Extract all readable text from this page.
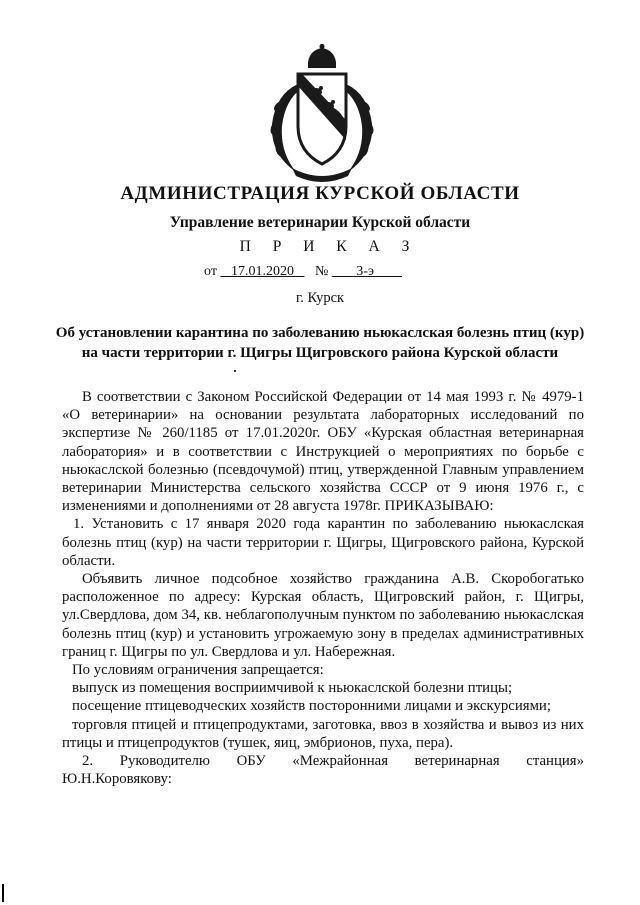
АДМИНИСТРАЦИЯ КУРСКОЙ ОБЛАСТИ
Управление ветеринарии Курской области
П Р И К А З
от 17.01.2020 № 3-э
г. Курск
Об установлении карантина по заболеванию ньюкаслская болезнь птиц (кур)
на части территории г. Щигры Щигровского района Курской области

В соответствии с Законом Российской Федерации от 14 мая 1993 г. № 4979-1 «О ветеринарии» на основании результата лабораторных исследований по экспертизе № 260/1185 от 17.01.2020г. ОБУ «Курская областная ветеринарная лаборатория» и в соответствии с Инструкцией о мероприятиях по борьбе с ньюкаслской болезнью (псевдочумой) птиц, утвержденной Главным управлением ветеринарии Министерства сельского хозяйства СССР от 9 июня 1976 г., с изменениями и дополнениями от 28 августа 1978г. ПРИКАЗЫВАЮ:

1. Установить с 17 января 2020 года карантин по заболеванию ньюкаслская болезнь птиц (кур) на части территории г. Щигры, Щигровского района, Курской области.

Объявить личное подсобное хозяйство гражданина А.В. Скоробогатько расположенное по адресу: Курская область, Щигровский район, г. Щигры, ул.Свердлова, дом 34, кв. неблагополучным пунктом по заболеванию ньюкаслская болезнь птиц (кур) и установить угрожаемую зону в пределах административных границ г. Щигры по ул. Свердлова и ул. Набережная.

По условиям ограничения запрещается:

выпуск из помещения восприимчивой к ньюкаслской болезни птицы;

посещение птицеводческих хозяйств посторонними лицами и экскурсиями;

торговля птицей и птицепродуктами, заготовка, ввоз в хозяйства и вывоз из них птицы и птицепродуктов (тушек, яиц, эмбрионов, пуха, пера).

2. Руководителю ОБУ «Межрайонная ветеринарная станция»

Ю.Н.Коровякову:
